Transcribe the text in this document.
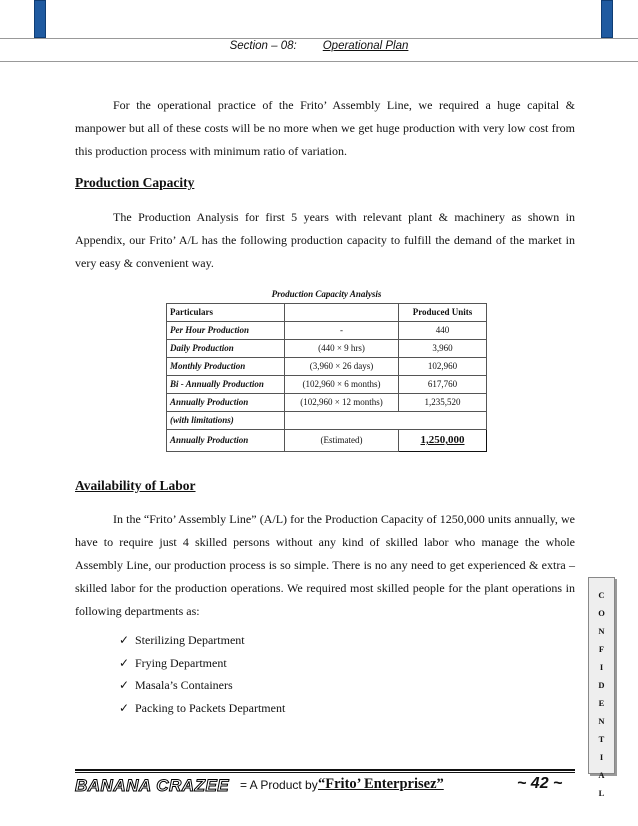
Section – 08: Operational Plan
For the operational practice of the Frito’ Assembly Line, we required a huge capital & manpower but all of these costs will be no more when we get huge production with very low cost from this production process with minimum ratio of variation.
Production Capacity
The Production Analysis for first 5 years with relevant plant & machinery as shown in Appendix, our Frito’ A/L has the following production capacity to fulfill the demand of the market in very easy & convenient way.
Production Capacity Analysis		
Particulars		Produced Units
Per Hour Production	-	440
Daily Production	(440 × 9 hrs)	3,960
Monthly Production	(3,960 × 26 days)	102,960
Bi - Annually Production	(102,960 × 6 months)	617,760
Annually Production	(102,960 × 12 months)	1,235,520
(with limitations)		
Annually Production	(Estimated)	1,250,000
Availability of Labor
In the “Frito’ Assembly Line” (A/L) for the Production Capacity of 1250,000 units annually, we have to require just 4 skilled persons without any kind of skilled labor who manage the whole Assembly Line, our production process is so simple. There is no any need to get experienced & extra – skilled labor for the production operations. We required most skilled people for the plant operations in following departments as:
✓ Sterilizing Department
✓ Frying Department
✓ Masala’s Containers
✓ Packing to Packets Department
C
O
N
F
I
D
E
N
T
I
A
L
BANANA CRAZEE = A Product by “Frito’ Enterprisez”	~ 42 ~
